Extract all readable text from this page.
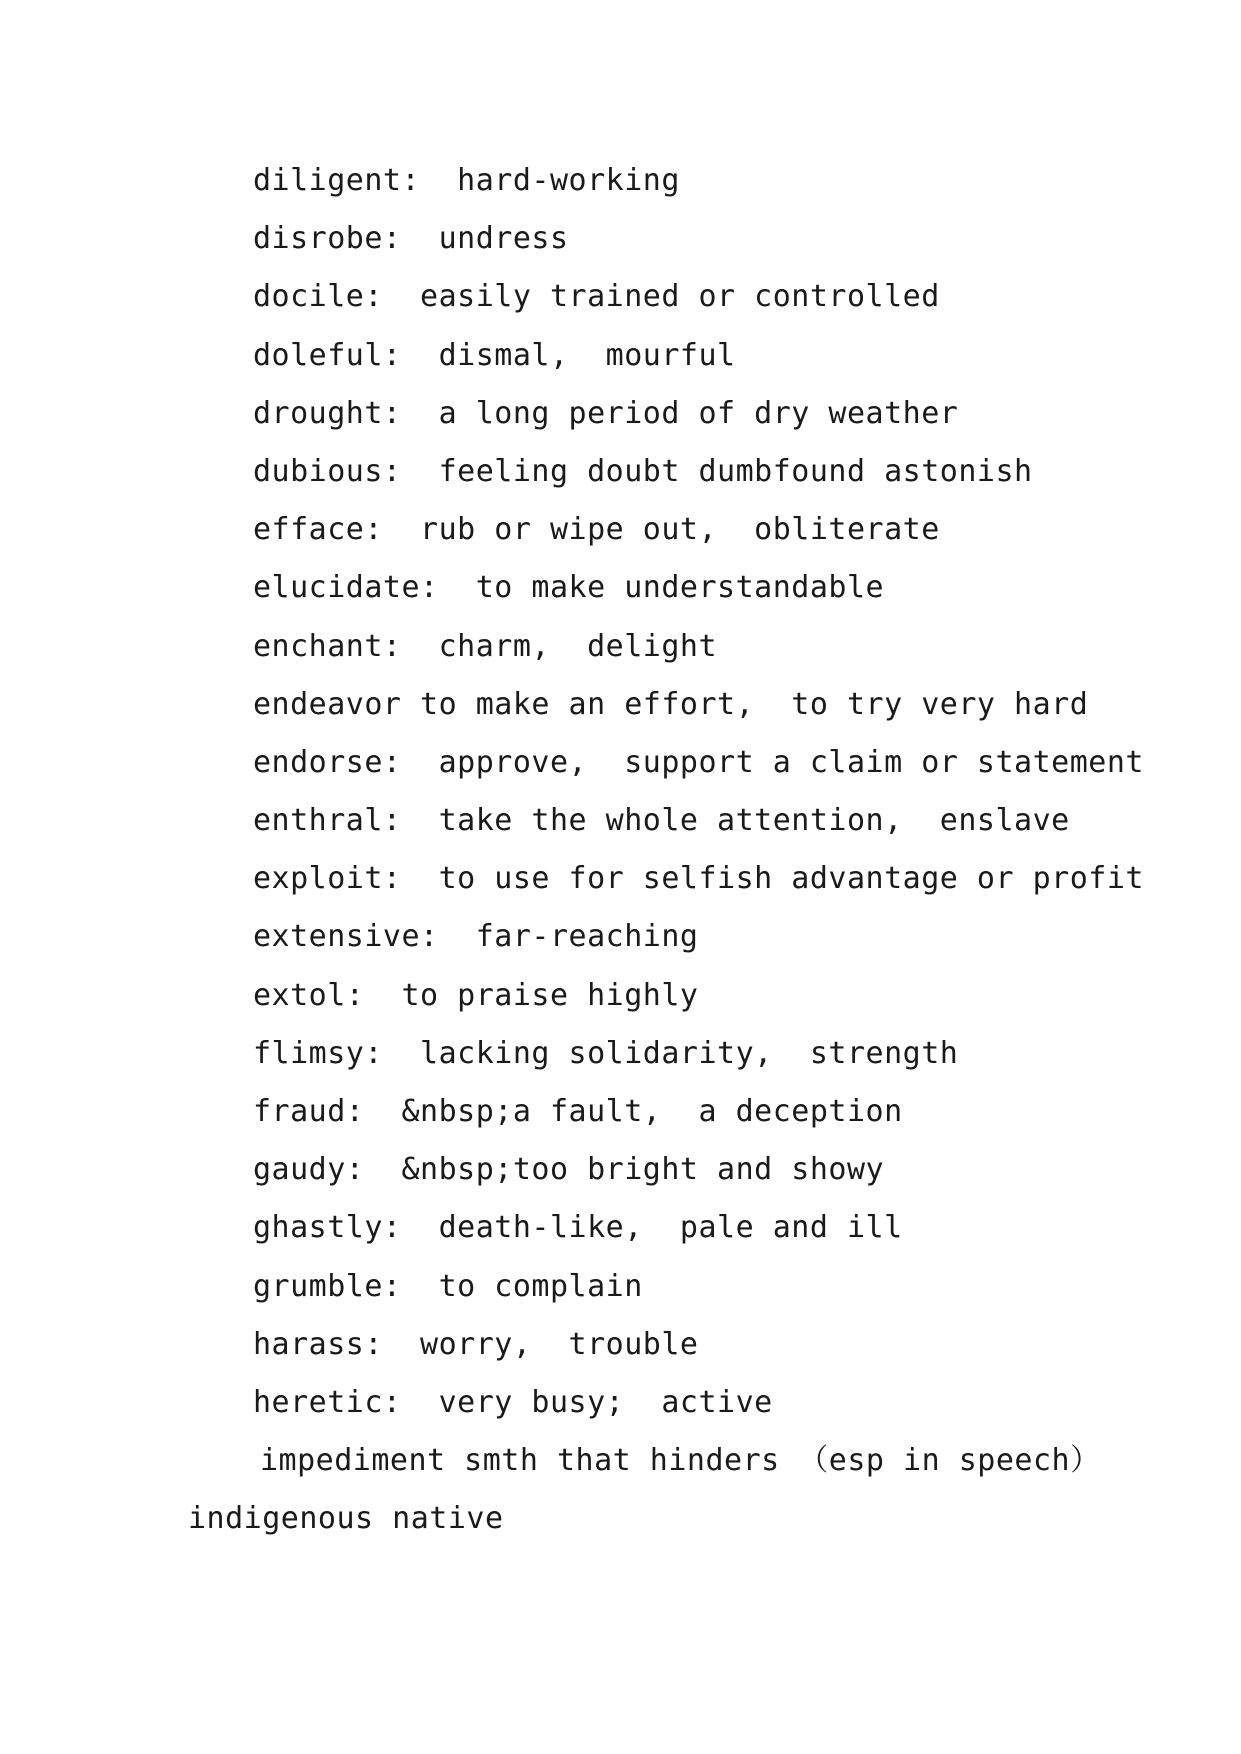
diligent:  hard-working
disrobe:  undress
docile:  easily trained or controlled
doleful:  dismal,  mourful
drought:  a long period of dry weather
dubious:  feeling doubt dumbfound astonish
efface:  rub or wipe out,  obliterate
elucidate:  to make understandable
enchant:  charm,  delight
endeavor to make an effort,  to try very hard
endorse:  approve,  support a claim or statement
enthral:  take the whole attention,  enslave
exploit:  to use for selfish advantage or profit
extensive:  far-reaching
extol:  to praise highly
flimsy:  lacking solidarity,  strength
fraud:  &nbsp;a fault,  a deception
gaudy:  &nbsp;too bright and showy
ghastly:  death-like,  pale and ill
grumble:  to complain
harass:  worry,  trouble
heretic:  very busy;  active
impediment smth that hinders （esp in speech）
indigenous native
